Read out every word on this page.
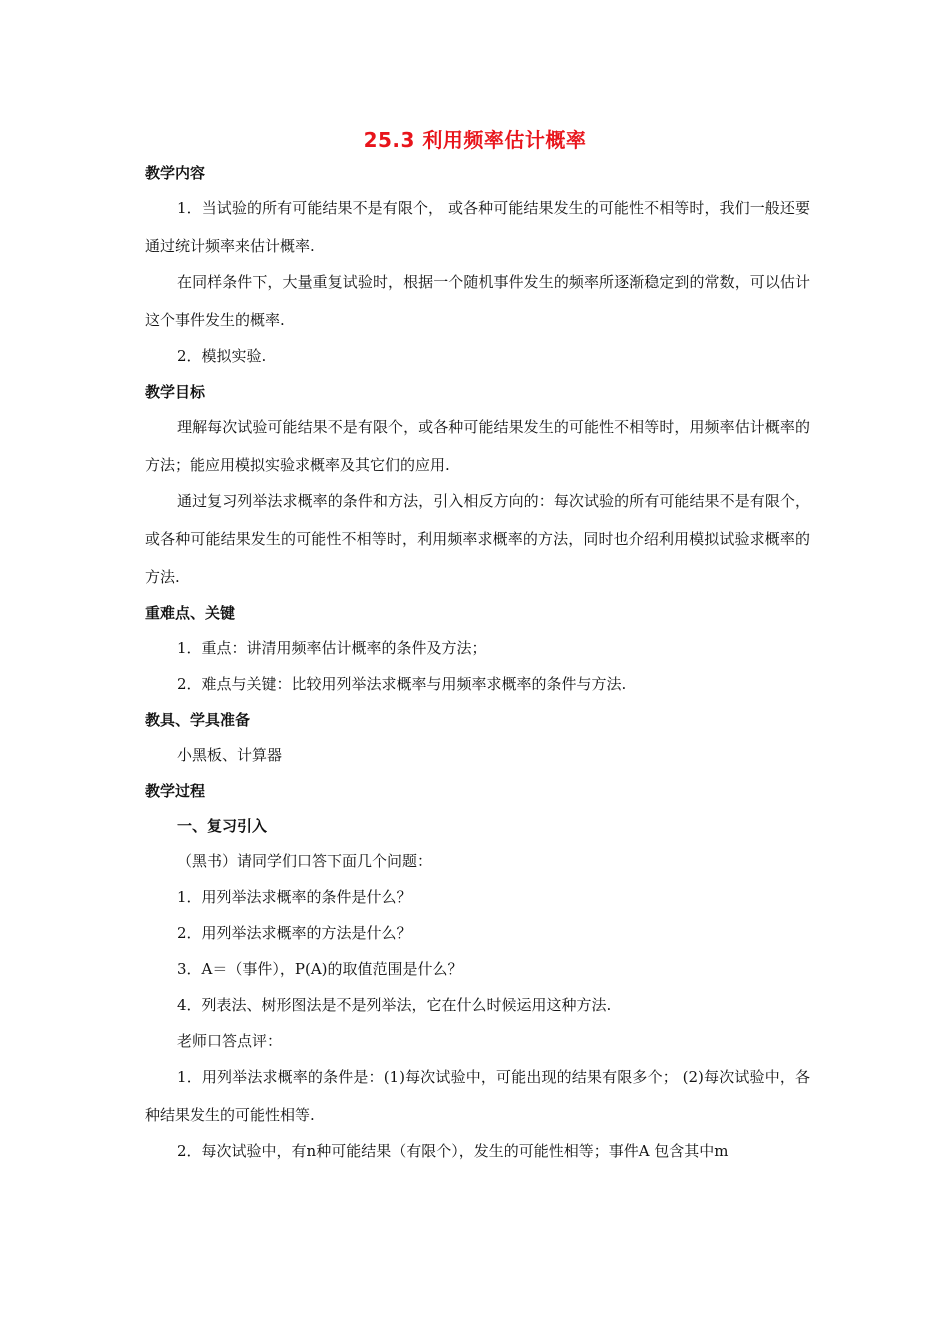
25.3 利用频率估计概率
教学内容

1．当试验的所有可能结果不是有限个， 或各种可能结果发生的可能性不相等时，我们一般还要通过统计频率来估计概率.

在同样条件下，大量重复试验时，根据一个随机事件发生的频率所逐渐稳定到的常数，可以估计这个事件发生的概率.

2．模拟实验.

教学目标

理解每次试验可能结果不是有限个，或各种可能结果发生的可能性不相等时，用频率估计概率的方法；能应用模拟实验求概率及其它们的应用.

通过复习列举法求概率的条件和方法，引入相反方向的：每次试验的所有可能结果不是有限个，或各种可能结果发生的可能性不相等时，利用频率求概率的方法，同时也介绍利用模拟试验求概率的方法.

重难点、关键

1．重点：讲清用频率估计概率的条件及方法；

2．难点与关键：比较用列举法求概率与用频率求概率的条件与方法.

教具、学具准备

小黑板、计算器

教学过程
一、复习引入

（黑书）请同学们口答下面几个问题：

1．用列举法求概率的条件是什么？

2．用列举法求概率的方法是什么？

3．A＝（事件），P(A)的取值范围是什么？

4．列表法、树形图法是不是列举法，它在什么时候运用这种方法.

老师口答点评：

1．用列举法求概率的条件是：(1)每次试验中，可能出现的结果有限多个； (2)每次试验中，各种结果发生的可能性相等.

2．每次试验中，有n种可能结果（有限个），发生的可能性相等；事件A 包含其中m
